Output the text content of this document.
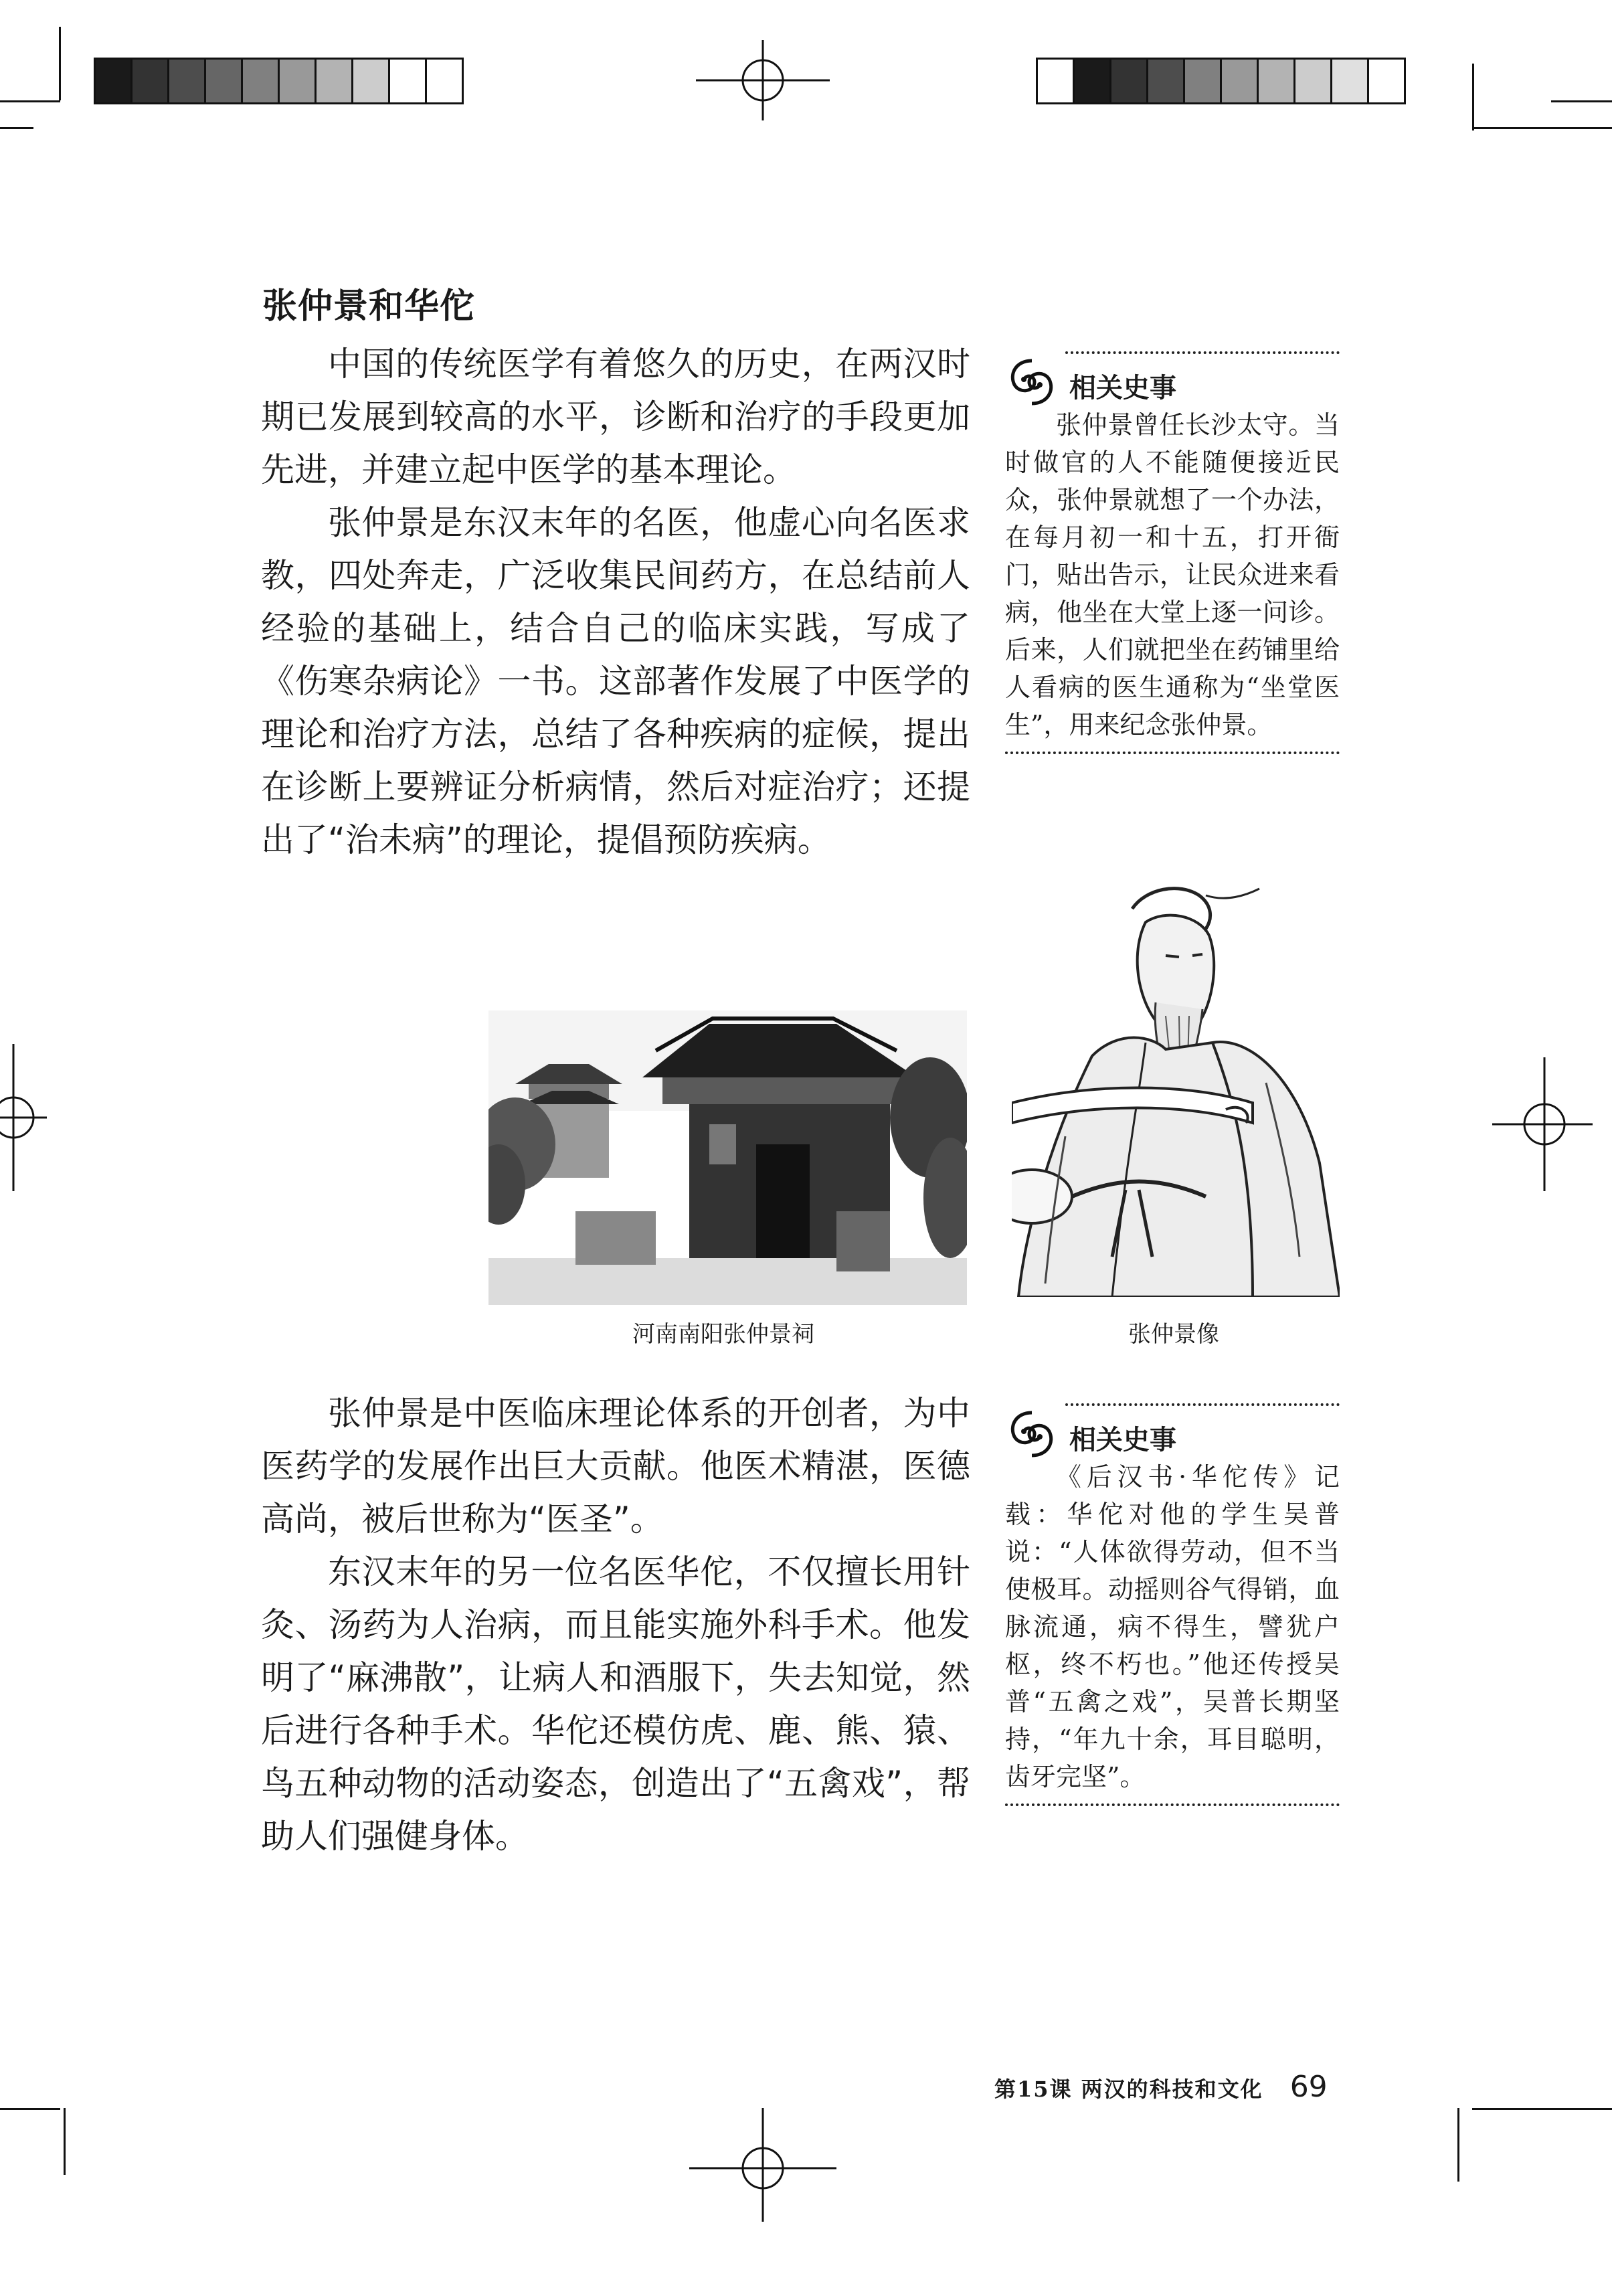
张仲景和华佗

中国的传统医学有着悠久的历史，在两汉时期已发展到较高的水平，诊断和治疗的手段更加先进，并建立起中医学的基本理论。

张仲景是东汉末年的名医，他虚心向名医求教，四处奔走，广泛收集民间药方，在总结前人经验的基础上，结合自己的临床实践，写成了《伤寒杂病论》一书。这部著作发展了中医学的理论和治疗方法，总结了各种疾病的症候，提出在诊断上要辨证分析病情，然后对症治疗；还提出了“治未病”的理论，提倡预防疾病。

张仲景是中医临床理论体系的开创者，为中医药学的发展作出巨大贡献。他医术精湛，医德高尚，被后世称为“医圣”。

东汉末年的另一位名医华佗，不仅擅长用针灸、汤药为人治病，而且能实施外科手术。他发明了“麻沸散”，让病人和酒服下，失去知觉，然后进行各种手术。华佗还模仿虎、鹿、熊、猿、鸟五种动物的活动姿态，创造出了“五禽戏”，帮助人们强健身体。

相关史事

张仲景曾任长沙太守。当时做官的人不能随便接近民众，张仲景就想了一个办法，在每月初一和十五，打开衙门，贴出告示，让民众进来看病，他坐在大堂上逐一问诊。后来，人们就把坐在药铺里给人看病的医生通称为“坐堂医生”，用来纪念张仲景。

相关史事

《后汉书·华佗传》记载：华佗对他的学生吴普说：“人体欲得劳动，但不当使极耳。动摇则谷气得销，血脉流通，病不得生，譬犹户枢，终不朽也。”他还传授吴普“五禽之戏”，吴普长期坚持，“年九十余，耳目聪明，齿牙完坚”。

河南南阳张仲景祠	张仲景像
第15课 两汉的科技和文化 69
